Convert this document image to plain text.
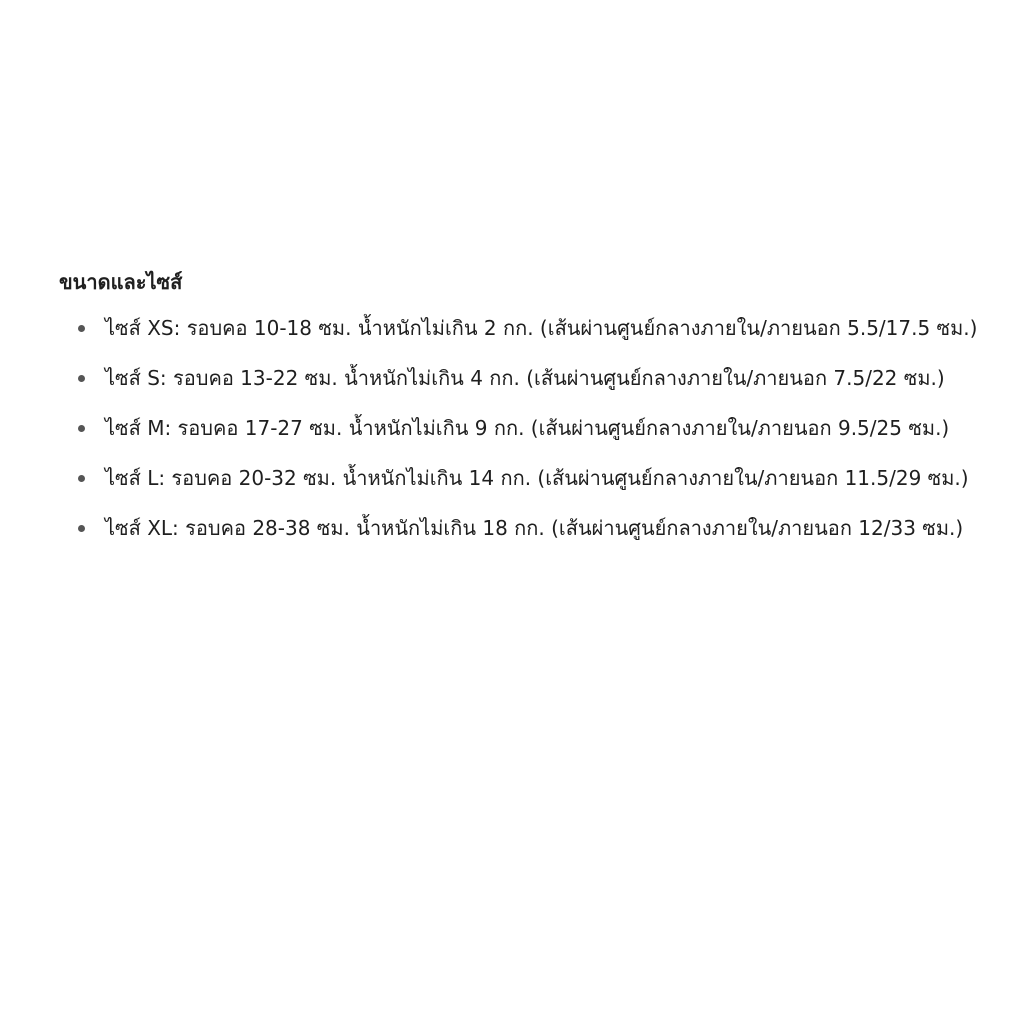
ขนาดและไซส์
ไซส์ XS: รอบคอ 10-18 ซม. น้ำหนักไม่เกิน 2 กก. (เส้นผ่านศูนย์กลางภายใน/ภายนอก 5.5/17.5 ซม.)
ไซส์ S: รอบคอ 13-22 ซม. น้ำหนักไม่เกิน 4 กก. (เส้นผ่านศูนย์กลางภายใน/ภายนอก 7.5/22 ซม.)
ไซส์ M: รอบคอ 17-27 ซม. น้ำหนักไม่เกิน 9 กก. (เส้นผ่านศูนย์กลางภายใน/ภายนอก 9.5/25 ซม.)
ไซส์ L: รอบคอ 20-32 ซม. น้ำหนักไม่เกิน 14 กก. (เส้นผ่านศูนย์กลางภายใน/ภายนอก 11.5/29 ซม.)
ไซส์ XL: รอบคอ 28-38 ซม. น้ำหนักไม่เกิน 18 กก. (เส้นผ่านศูนย์กลางภายใน/ภายนอก 12/33 ซม.)
